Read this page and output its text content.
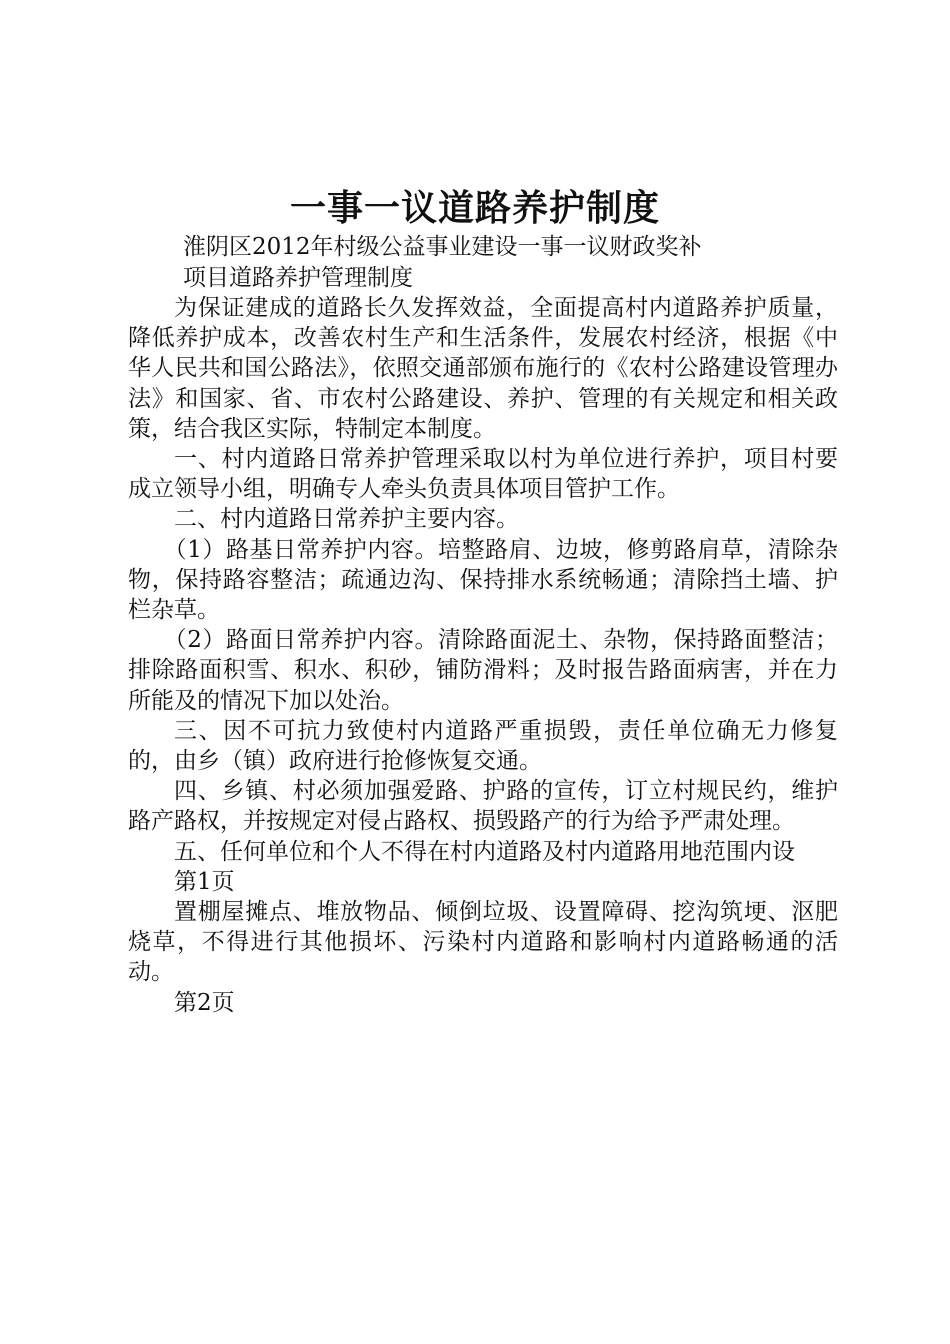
一事一议道路养护制度
淮阴区2012年村级公益事业建设一事一议财政奖补
项目道路养护管理制度

为保证建成的道路长久发挥效益，全面提高村内道路养护质量，降低养护成本，改善农村生产和生活条件，发展农村经济，根据《中华人民共和国公路法》，依照交通部颁布施行的《农村公路建设管理办法》和国家、省、市农村公路建设、养护、管理的有关规定和相关政策，结合我区实际，特制定本制度。

一、村内道路日常养护管理采取以村为单位进行养护，项目村要成立领导小组，明确专人牵头负责具体项目管护工作。

二、村内道路日常养护主要内容。

（1）路基日常养护内容。培整路肩、边坡，修剪路肩草，清除杂物，保持路容整洁；疏通边沟、保持排水系统畅通；清除挡土墙、护栏杂草。

（2）路面日常养护内容。清除路面泥土、杂物，保持路面整洁；排除路面积雪、积水、积砂，铺防滑料；及时报告路面病害，并在力所能及的情况下加以处治。

三、因不可抗力致使村内道路严重损毁，责任单位确无力修复的，由乡（镇）政府进行抢修恢复交通。

四、乡镇、村必须加强爱路、护路的宣传，订立村规民约，维护路产路权，并按规定对侵占路权、损毁路产的行为给予严肃处理。

五、任何单位和个人不得在村内道路及村内道路用地范围内设

第1页

置棚屋摊点、堆放物品、倾倒垃圾、设置障碍、挖沟筑埂、沤肥烧草，不得进行其他损坏、污染村内道路和影响村内道路畅通的活动。

第2页
